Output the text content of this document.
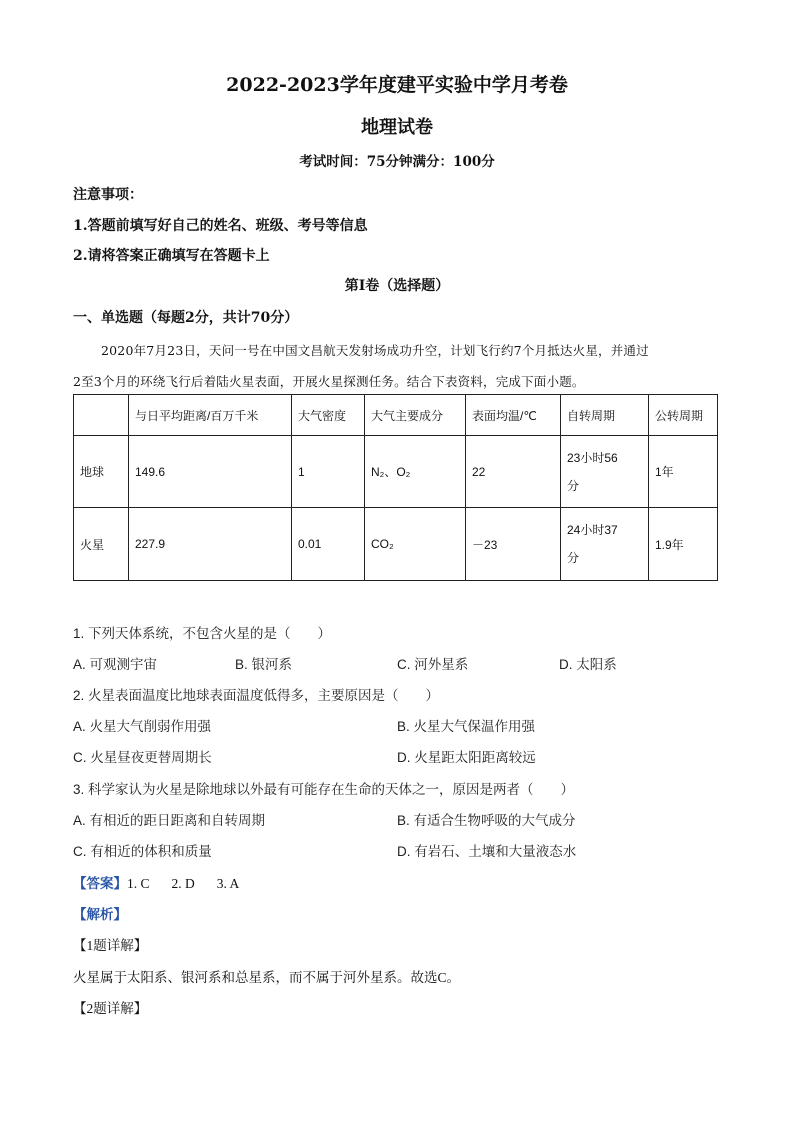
2022-2023学年度建平实验中学月考卷
地理试卷
考试时间：75分钟满分：100分
注意事项：
1.答题前填写好自己的姓名、班级、考号等信息
2.请将答案正确填写在答题卡上
第I卷（选择题）
一、单选题（每题2分，共计70分）
2020年7月23日，天问一号在中国文昌航天发射场成功升空，计划飞行约7个月抵达火星，并通过
2至3个月的环绕飞行后着陆火星表面，开展火星探测任务。结合下表资料，完成下面小题。
	与日平均距离/百万千米	大气密度	大气主要成分	表面均温/℃	自转周期	公转周期
地球	149.6	1	N₂、O₂	22	23小时56
分	1年
火星	227.9	0.01	CO₂	－23	24小时37
分	1.9年
1. 下列天体系统，不包含火星的是（　　）
A. 可观测宇宙	B. 银河系	C. 河外星系	D. 太阳系
2. 火星表面温度比地球表面温度低得多，主要原因是（　　）
A. 火星大气削弱作用强	B. 火星大气保温作用强
C. 火星昼夜更替周期长	D. 火星距太阳距离较远
3. 科学家认为火星是除地球以外最有可能存在生命的天体之一，原因是两者（　　）
A. 有相近的距日距离和自转周期	B. 有适合生物呼吸的大气成分
C. 有相近的体积和质量	D. 有岩石、土壤和大量液态水
【答案】1. C 2. D 3. A
【解析】
【1题详解】
火星属于太阳系、银河系和总星系，而不属于河外星系。故选C。
【2题详解】
